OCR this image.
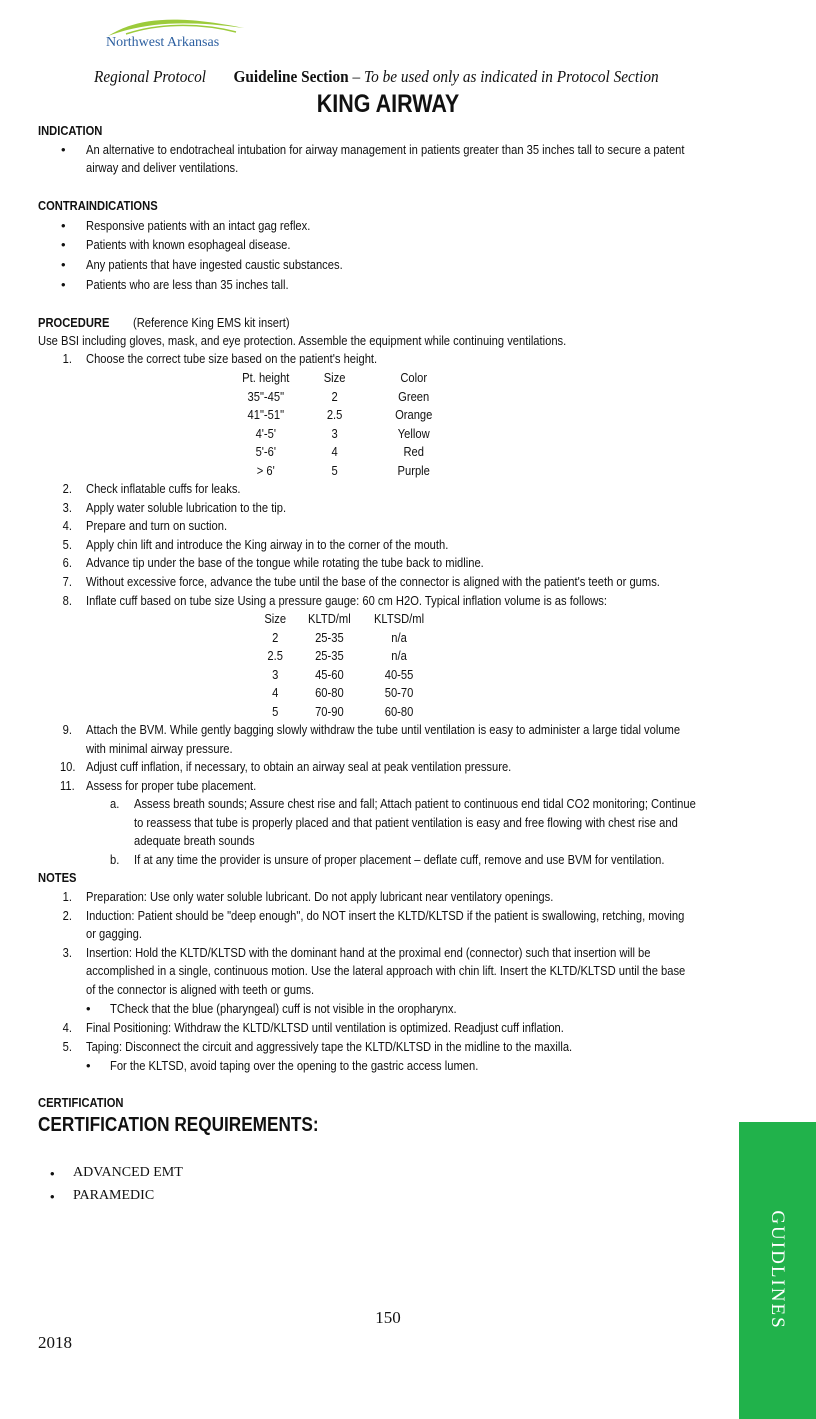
Northwest Arkansas
Regional Protocol Guideline Section – To be used only as indicated in Protocol Section
KING AIRWAY
INDICATION
• An alternative to endotracheal intubation for airway management in patients greater than 35 inches tall to secure a patent
airway and deliver ventilations.
CONTRAINDICATIONS
• Responsive patients with an intact gag reflex.
• Patients with known esophageal disease.
• Any patients that have ingested caustic substances.
• Patients who are less than 35 inches tall.
PROCEDURE (Reference King EMS kit insert)
Use BSI including gloves, mask, and eye protection. Assemble the equipment while continuing ventilations.
1. Choose the correct tube size based on the patient's height.
Pt. height	Size	Color
35"-45"	2	Green
41"-51"	2.5	Orange
4'-5'	3	Yellow
5'-6'	4	Red
> 6'	5	Purple
2. Check inflatable cuffs for leaks.
3. Apply water soluble lubrication to the tip.
4. Prepare and turn on suction.
5. Apply chin lift and introduce the King airway in to the corner of the mouth.
6. Advance tip under the base of the tongue while rotating the tube back to midline.
7. Without excessive force, advance the tube until the base of the connector is aligned with the patient's teeth or gums.
8. Inflate cuff based on tube size Using a pressure gauge: 60 cm H2O. Typical inflation volume is as follows:
Size	KLTD/ml	KLTSD/ml
2	25-35	n/a
2.5	25-35	n/a
3	45-60	40-55
4	60-80	50-70
5	70-90	60-80
9. Attach the BVM. While gently bagging slowly withdraw the tube until ventilation is easy to administer a large tidal volume
with minimal airway pressure.
10. Adjust cuff inflation, if necessary, to obtain an airway seal at peak ventilation pressure.
11. Assess for proper tube placement.
a. Assess breath sounds; Assure chest rise and fall; Attach patient to continuous end tidal CO2 monitoring; Continue
to reassess that tube is properly placed and that patient ventilation is easy and free flowing with chest rise and
adequate breath sounds
b. If at any time the provider is unsure of proper placement – deflate cuff, remove and use BVM for ventilation.
NOTES
1. Preparation: Use only water soluble lubricant. Do not apply lubricant near ventilatory openings.
2. Induction: Patient should be "deep enough", do NOT insert the KLTD/KLTSD if the patient is swallowing, retching, moving
or gagging.
3. Insertion: Hold the KLTD/KLTSD with the dominant hand at the proximal end (connector) such that insertion will be
accomplished in a single, continuous motion. Use the lateral approach with chin lift. Insert the KLTD/KLTSD until the base
of the connector is aligned with teeth or gums.
• TCheck that the blue (pharyngeal) cuff is not visible in the oropharynx.
4. Final Positioning: Withdraw the KLTD/KLTSD until ventilation is optimized. Readjust cuff inflation.
5. Taping: Disconnect the circuit and aggressively tape the KLTD/KLTSD in the midline to the maxilla.
• For the KLTSD, avoid taping over the opening to the gastric access lumen.
CERTIFICATION
CERTIFICATION REQUIREMENTS:
• ADVANCED EMT
• PARAMEDIC
150
2018
GUIDLINES
